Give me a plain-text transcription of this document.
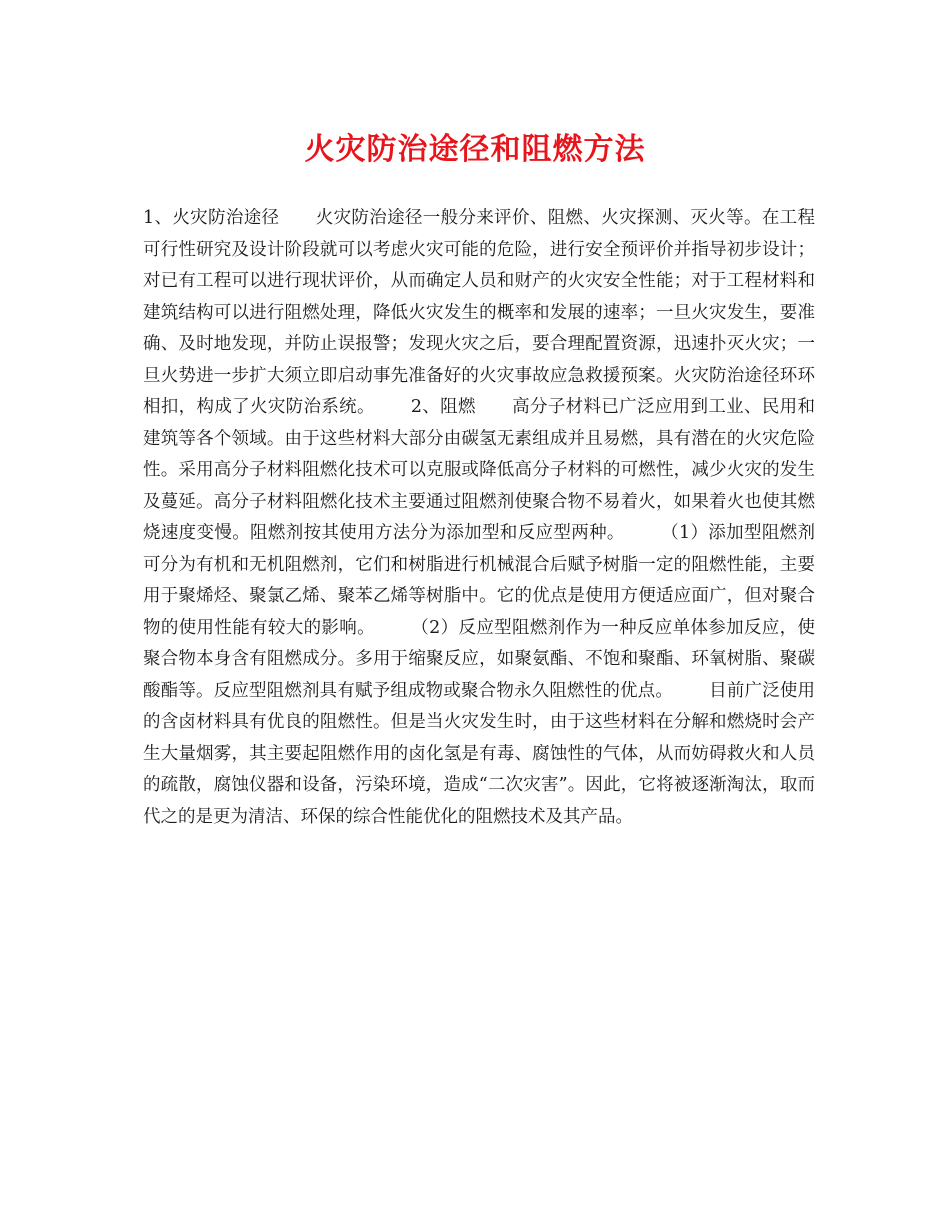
火灾防治途径和阻燃方法

1、火灾防治途径 火灾防治途径一般分来评价、阻燃、火灾探测、灭火等。在工程可行性研究及设计阶段就可以考虑火灾可能的危险，进行安全预评价并指导初步设计；对已有工程可以进行现状评价，从而确定人员和财产的火灾安全性能；对于工程材料和建筑结构可以进行阻燃处理，降低火灾发生的概率和发展的速率；一旦火灾发生，要准确、及时地发现，并防止误报警；发现火灾之后，要合理配置资源，迅速扑灭火灾；一旦火势进一步扩大须立即启动事先准备好的火灾事故应急救援预案。火灾防治途径环环相扣，构成了火灾防治系统。 2、阻燃 高分子材料已广泛应用到工业、民用和建筑等各个领域。由于这些材料大部分由碳氢无素组成并且易燃，具有潜在的火灾危险性。采用高分子材料阻燃化技术可以克服或降低高分子材料的可燃性，减少火灾的发生及蔓延。高分子材料阻燃化技术主要通过阻燃剂使聚合物不易着火，如果着火也使其燃烧速度变慢。阻燃剂按其使用方法分为添加型和反应型两种。 （1）添加型阻燃剂可分为有机和无机阻燃剂，它们和树脂进行机械混合后赋予树脂一定的阻燃性能，主要用于聚烯烃、聚氯乙烯、聚苯乙烯等树脂中。它的优点是使用方便适应面广，但对聚合物的使用性能有较大的影响。 （2）反应型阻燃剂作为一种反应单体参加反应，使聚合物本身含有阻燃成分。多用于缩聚反应，如聚氨酯、不饱和聚酯、环氧树脂、聚碳酸酯等。反应型阻燃剂具有赋予组成物或聚合物永久阻燃性的优点。 目前广泛使用的含卤材料具有优良的阻燃性。但是当火灾发生时，由于这些材料在分解和燃烧时会产生大量烟雾，其主要起阻燃作用的卤化氢是有毒、腐蚀性的气体，从而妨碍救火和人员的疏散，腐蚀仪器和设备，污染环境，造成“二次灾害”。因此，它将被逐渐淘汰，取而代之的是更为清洁、环保的综合性能优化的阻燃技术及其产品。
